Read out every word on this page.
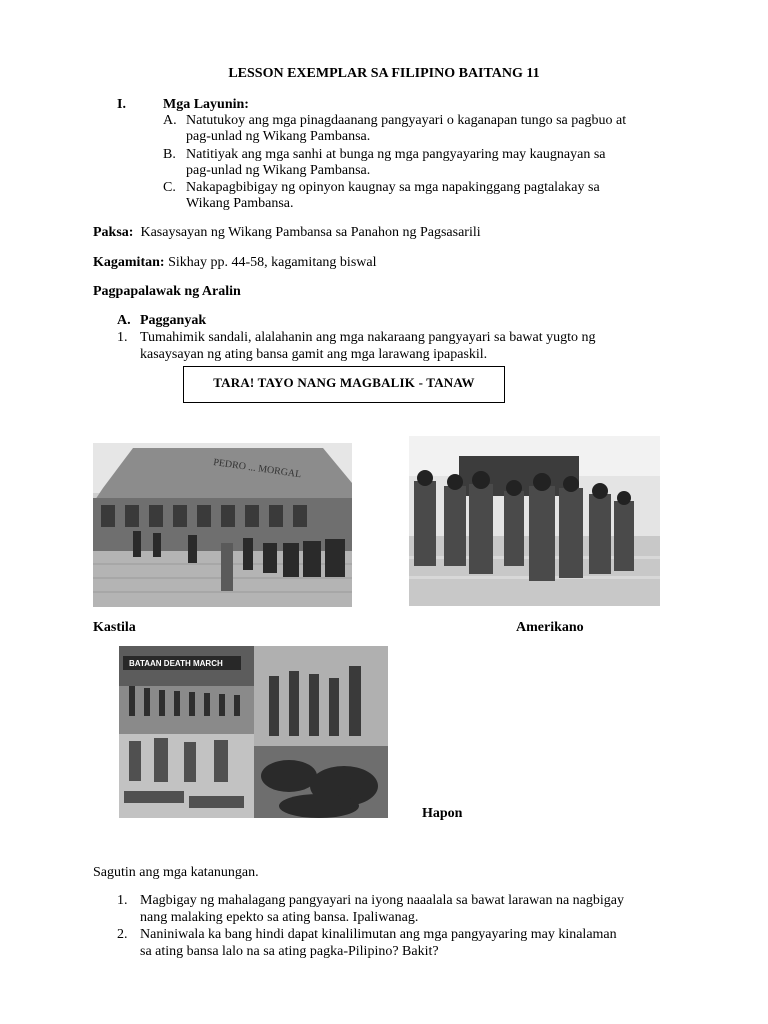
LESSON EXEMPLAR SA FILIPINO BAITANG 11
I.	Mga Layunin:
A. Natutukoy ang mga pinagdaanang pangyayari o kaganapan tungo sa pagbuo at
pag-unlad ng Wikang Pambansa.
B. Natitiyak ang mga sanhi at bunga ng mga pangyayaring may kaugnayan sa
pag-unlad ng Wikang Pambansa.
C. Nakapagbibigay ng opinyon kaugnay sa mga napakinggang pagtalakay sa
Wikang Pambansa.
Paksa: Kasaysayan ng Wikang Pambansa sa Panahon ng Pagsasarili
Kagamitan: Sikhay pp. 44-58, kagamitang biswal
Pagpapalawak ng Aralin
A. Pagganyak
1. Tumahimik sandali, alalahanin ang mga nakaraang pangyayari sa bawat yugto ng
kasaysayan ng ating bansa gamit ang mga larawang ipapaskil.
TARA! TAYO NANG MAGBALIK - TANAW
PEDRO ... MORGAL
Kastila	Amerikano
BATAAN DEATH MARCH
Hapon
Sagutin ang mga katanungan.
1. Magbigay ng mahalagang pangyayari na iyong naaalala sa bawat larawan na nagbigay
nang malaking epekto sa ating bansa. Ipaliwanag.
2. Naniniwala ka bang hindi dapat kinalilimutan ang mga pangyayaring may kinalaman
sa ating bansa lalo na sa ating pagka-Pilipino? Bakit?
